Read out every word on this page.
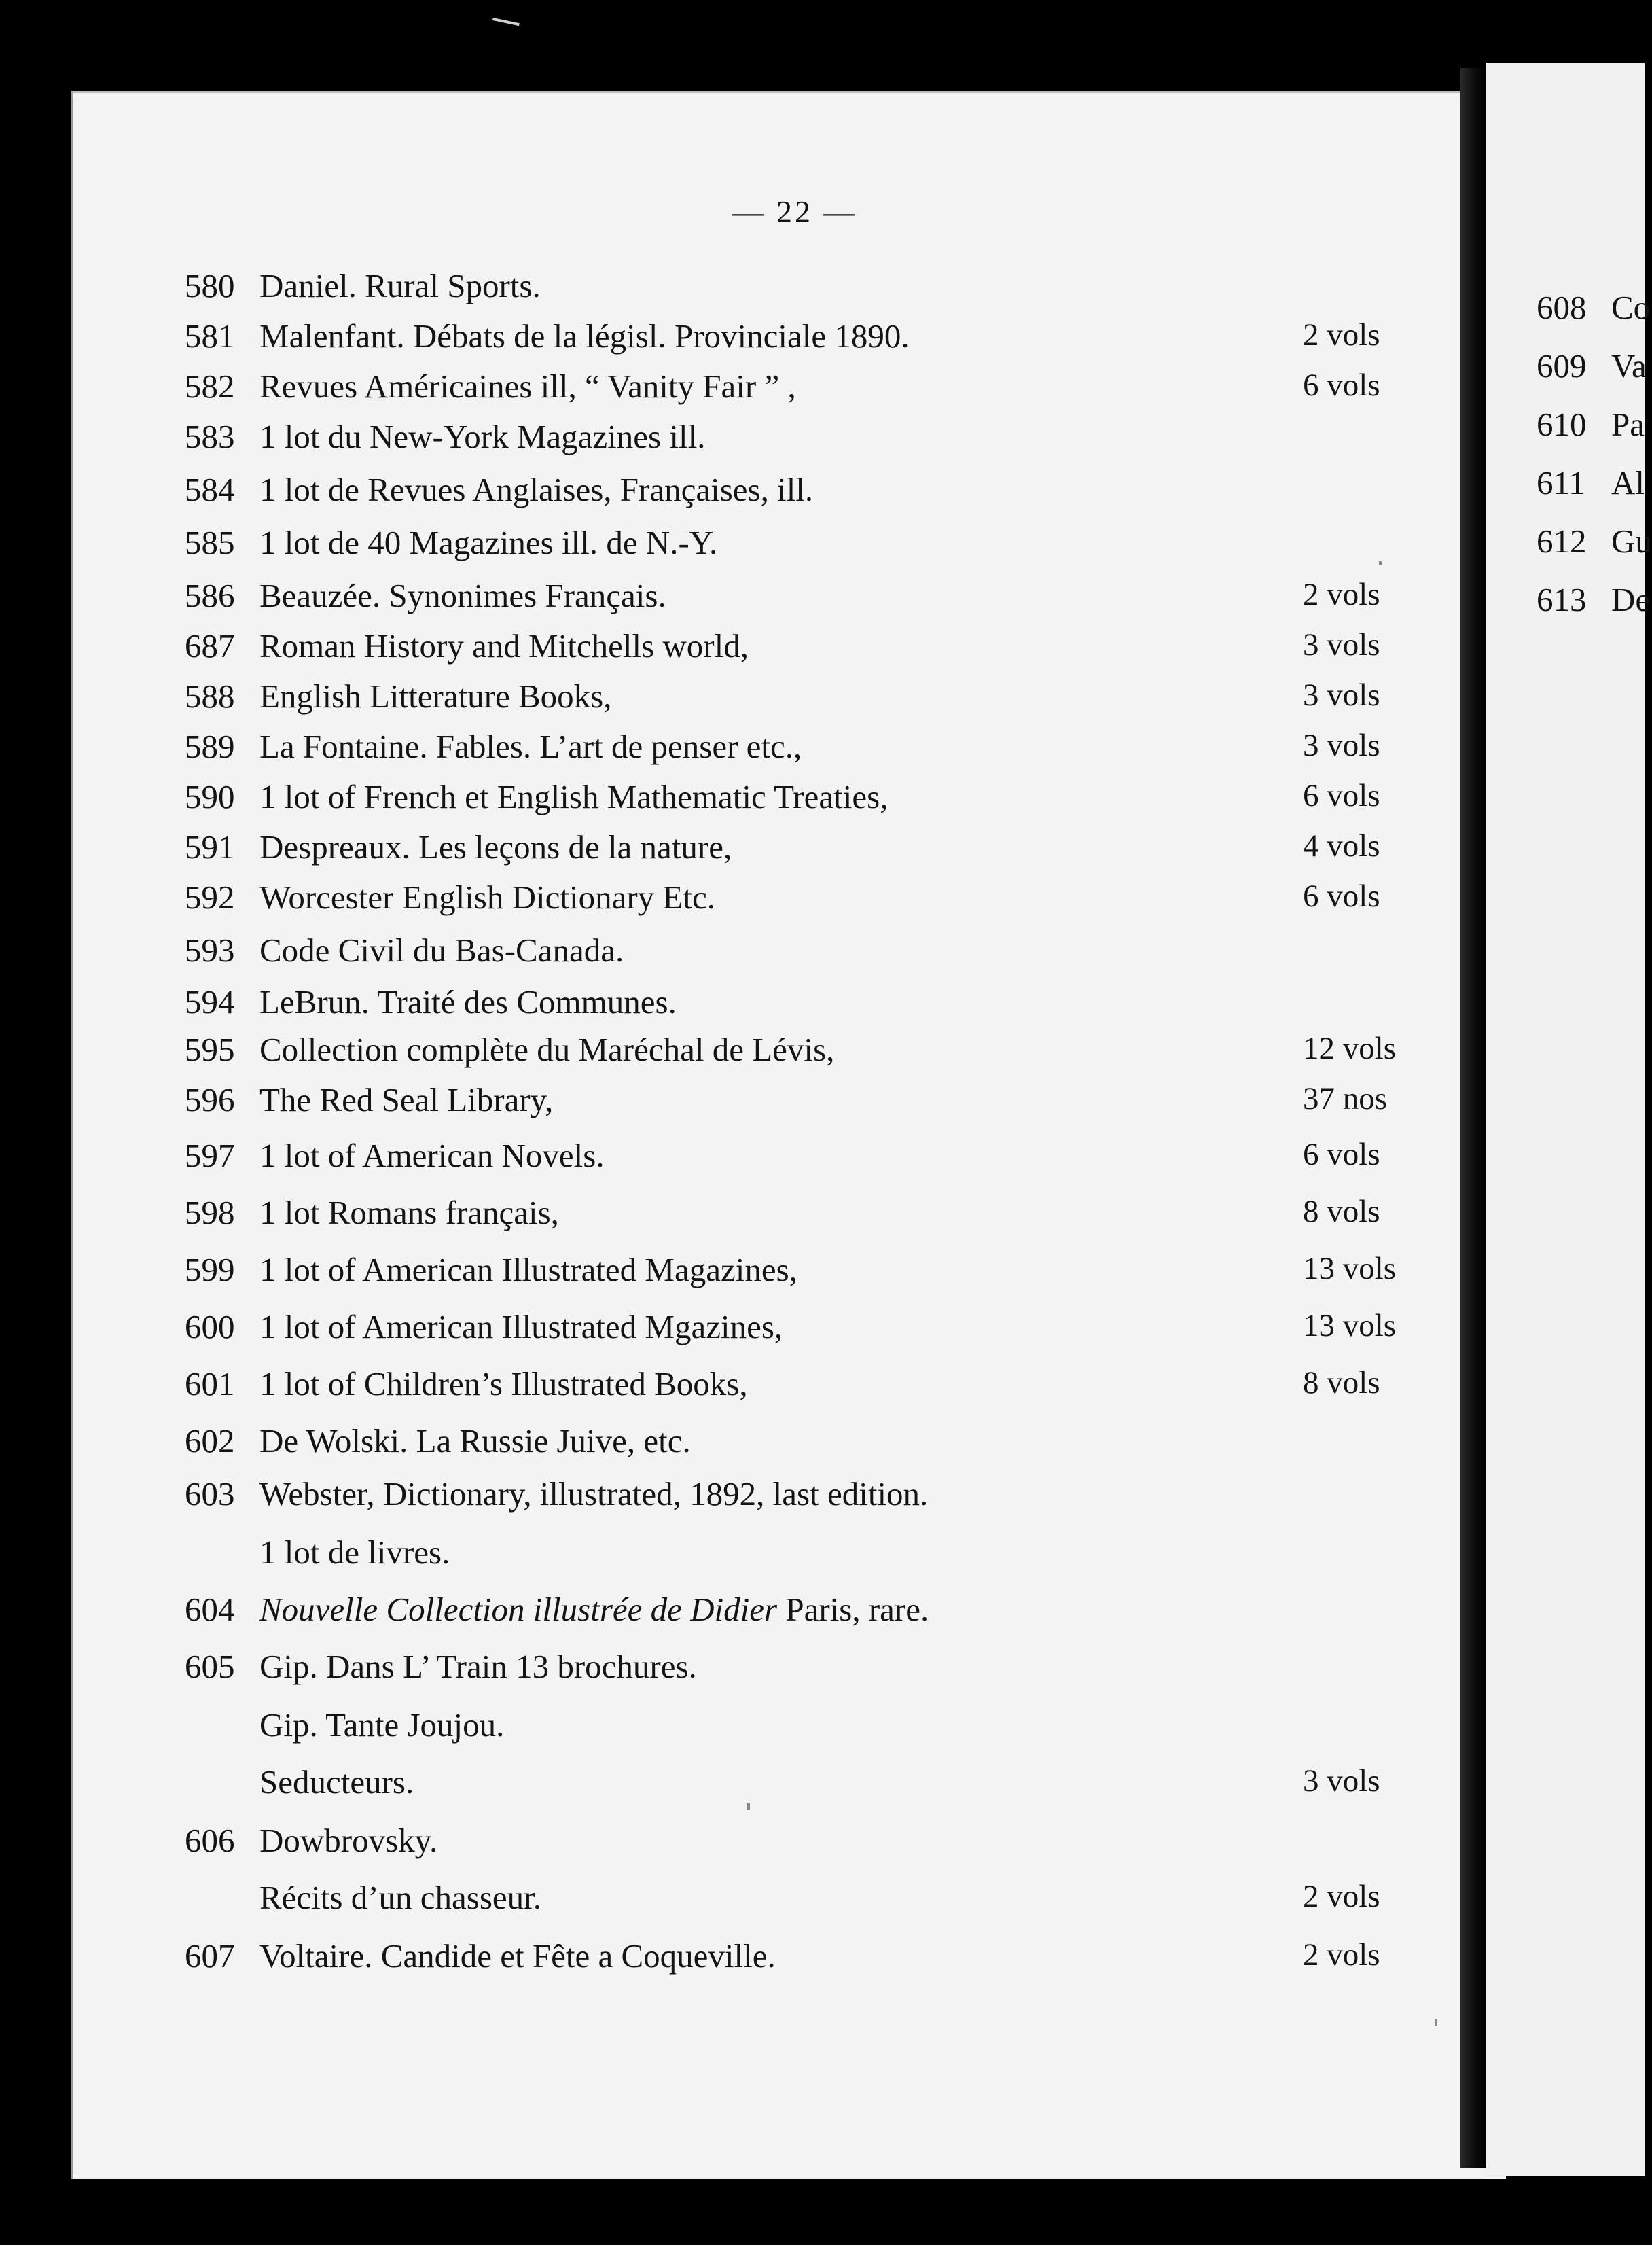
— 22 —
580 Daniel. Rural Sports.
581 Malenfant. Débats de la législ. Provinciale 1890.	2 vols
582 Revues Américaines ill, “ Vanity Fair ” ,	6 vols
583 1 lot du New-York Magazines ill.
584 1 lot de Revues Anglaises, Françaises, ill.
585 1 lot de 40 Magazines ill. de N.-Y.
586 Beauzée. Synonimes Français.	2 vols
687 Roman History and Mitchells world,	3 vols
588 English Litterature Books,	3 vols
589 La Fontaine. Fables. L’art de penser etc.,	3 vols
590 1 lot of French et English Mathematic Treaties,	6 vols
591 Despreaux. Les leçons de la nature,	4 vols
592 Worcester English Dictionary Etc.	6 vols
593 Code Civil du Bas-Canada.
594 LeBrun. Traité des Communes.
595 Collection complète du Maréchal de Lévis,	12 vols
596 The Red Seal Library,	37 nos
597 1 lot of American Novels.	6 vols
598 1 lot Romans français,	8 vols
599 1 lot of American Illustrated Magazines,	13 vols
600 1 lot of American Illustrated Mgazines,	13 vols
601 1 lot of Children’s Illustrated Books,	8 vols
602 De Wolski. La Russie Juive, etc.
603 Webster, Dictionary, illustrated, 1892, last edition.
1 lot de livres.
604 Nouvelle Collection illustrée de Didier Paris, rare.
605 Gip. Dans L’ Train 13 brochures.
Gip. Tante Joujou.
Seducteurs.	3 vols
606 Dowbrovsky.
Récits d’un chasseur.	2 vols
607 Voltaire. Candide et Fête a Coqueville.	2 vols
608 Co
609 Va
610 Pa
611 Al
612 Gu
613 De
